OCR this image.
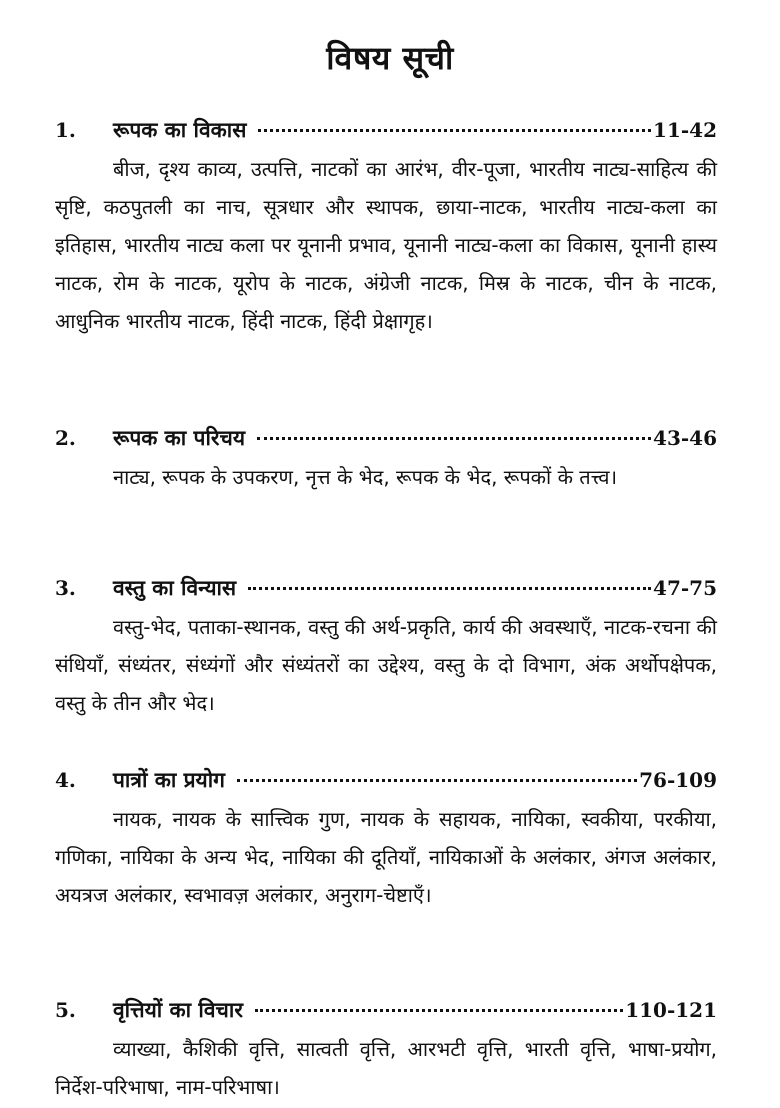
विषय सूची
1.	रूपक का विकास	11-42
बीज, दृश्य काव्य, उत्पत्ति, नाटकों का आरंभ, वीर-पूजा, भारतीय नाट्य-साहित्य की सृष्टि, कठपुतली का नाच, सूत्रधार और स्थापक, छाया-नाटक, भारतीय नाट्य-कला का इतिहास, भारतीय नाट्य कला पर यूनानी प्रभाव, यूनानी नाट्य-कला का विकास, यूनानी हास्य नाटक, रोम के नाटक, यूरोप के नाटक, अंग्रेजी नाटक, मिस्र के नाटक, चीन के नाटक, आधुनिक भारतीय नाटक, हिंदी नाटक, हिंदी प्रेक्षागृह।
2.	रूपक का परिचय	43-46
नाट्य, रूपक के उपकरण, नृत्त के भेद, रूपक के भेद, रूपकों के तत्त्व।
3.	वस्तु का विन्यास	47-75
वस्तु-भेद, पताका-स्थानक, वस्तु की अर्थ-प्रकृति, कार्य की अवस्थाएँ, नाटक-रचना की संधियाँ, संध्यंतर, संध्यंगों और संध्यंतरों का उद्देश्य, वस्तु के दो विभाग, अंक अर्थोपक्षेपक, वस्तु के तीन और भेद।
4.	पात्रों का प्रयोग	76-109
नायक, नायक के सात्त्विक गुण, नायक के सहायक, नायिका, स्वकीया, परकीया, गणिका, नायिका के अन्य भेद, नायिका की दूतियाँ, नायिकाओं के अलंकार, अंगज अलंकार, अयत्रज अलंकार, स्वभावज़ अलंकार, अनुराग-चेष्टाएँ।
5.	वृत्तियों का विचार	110-121
व्याख्या, कैशिकी वृत्ति, सात्वती वृत्ति, आरभटी वृत्ति, भारती वृत्ति, भाषा-प्रयोग, निर्देश-परिभाषा, नाम-परिभाषा।
